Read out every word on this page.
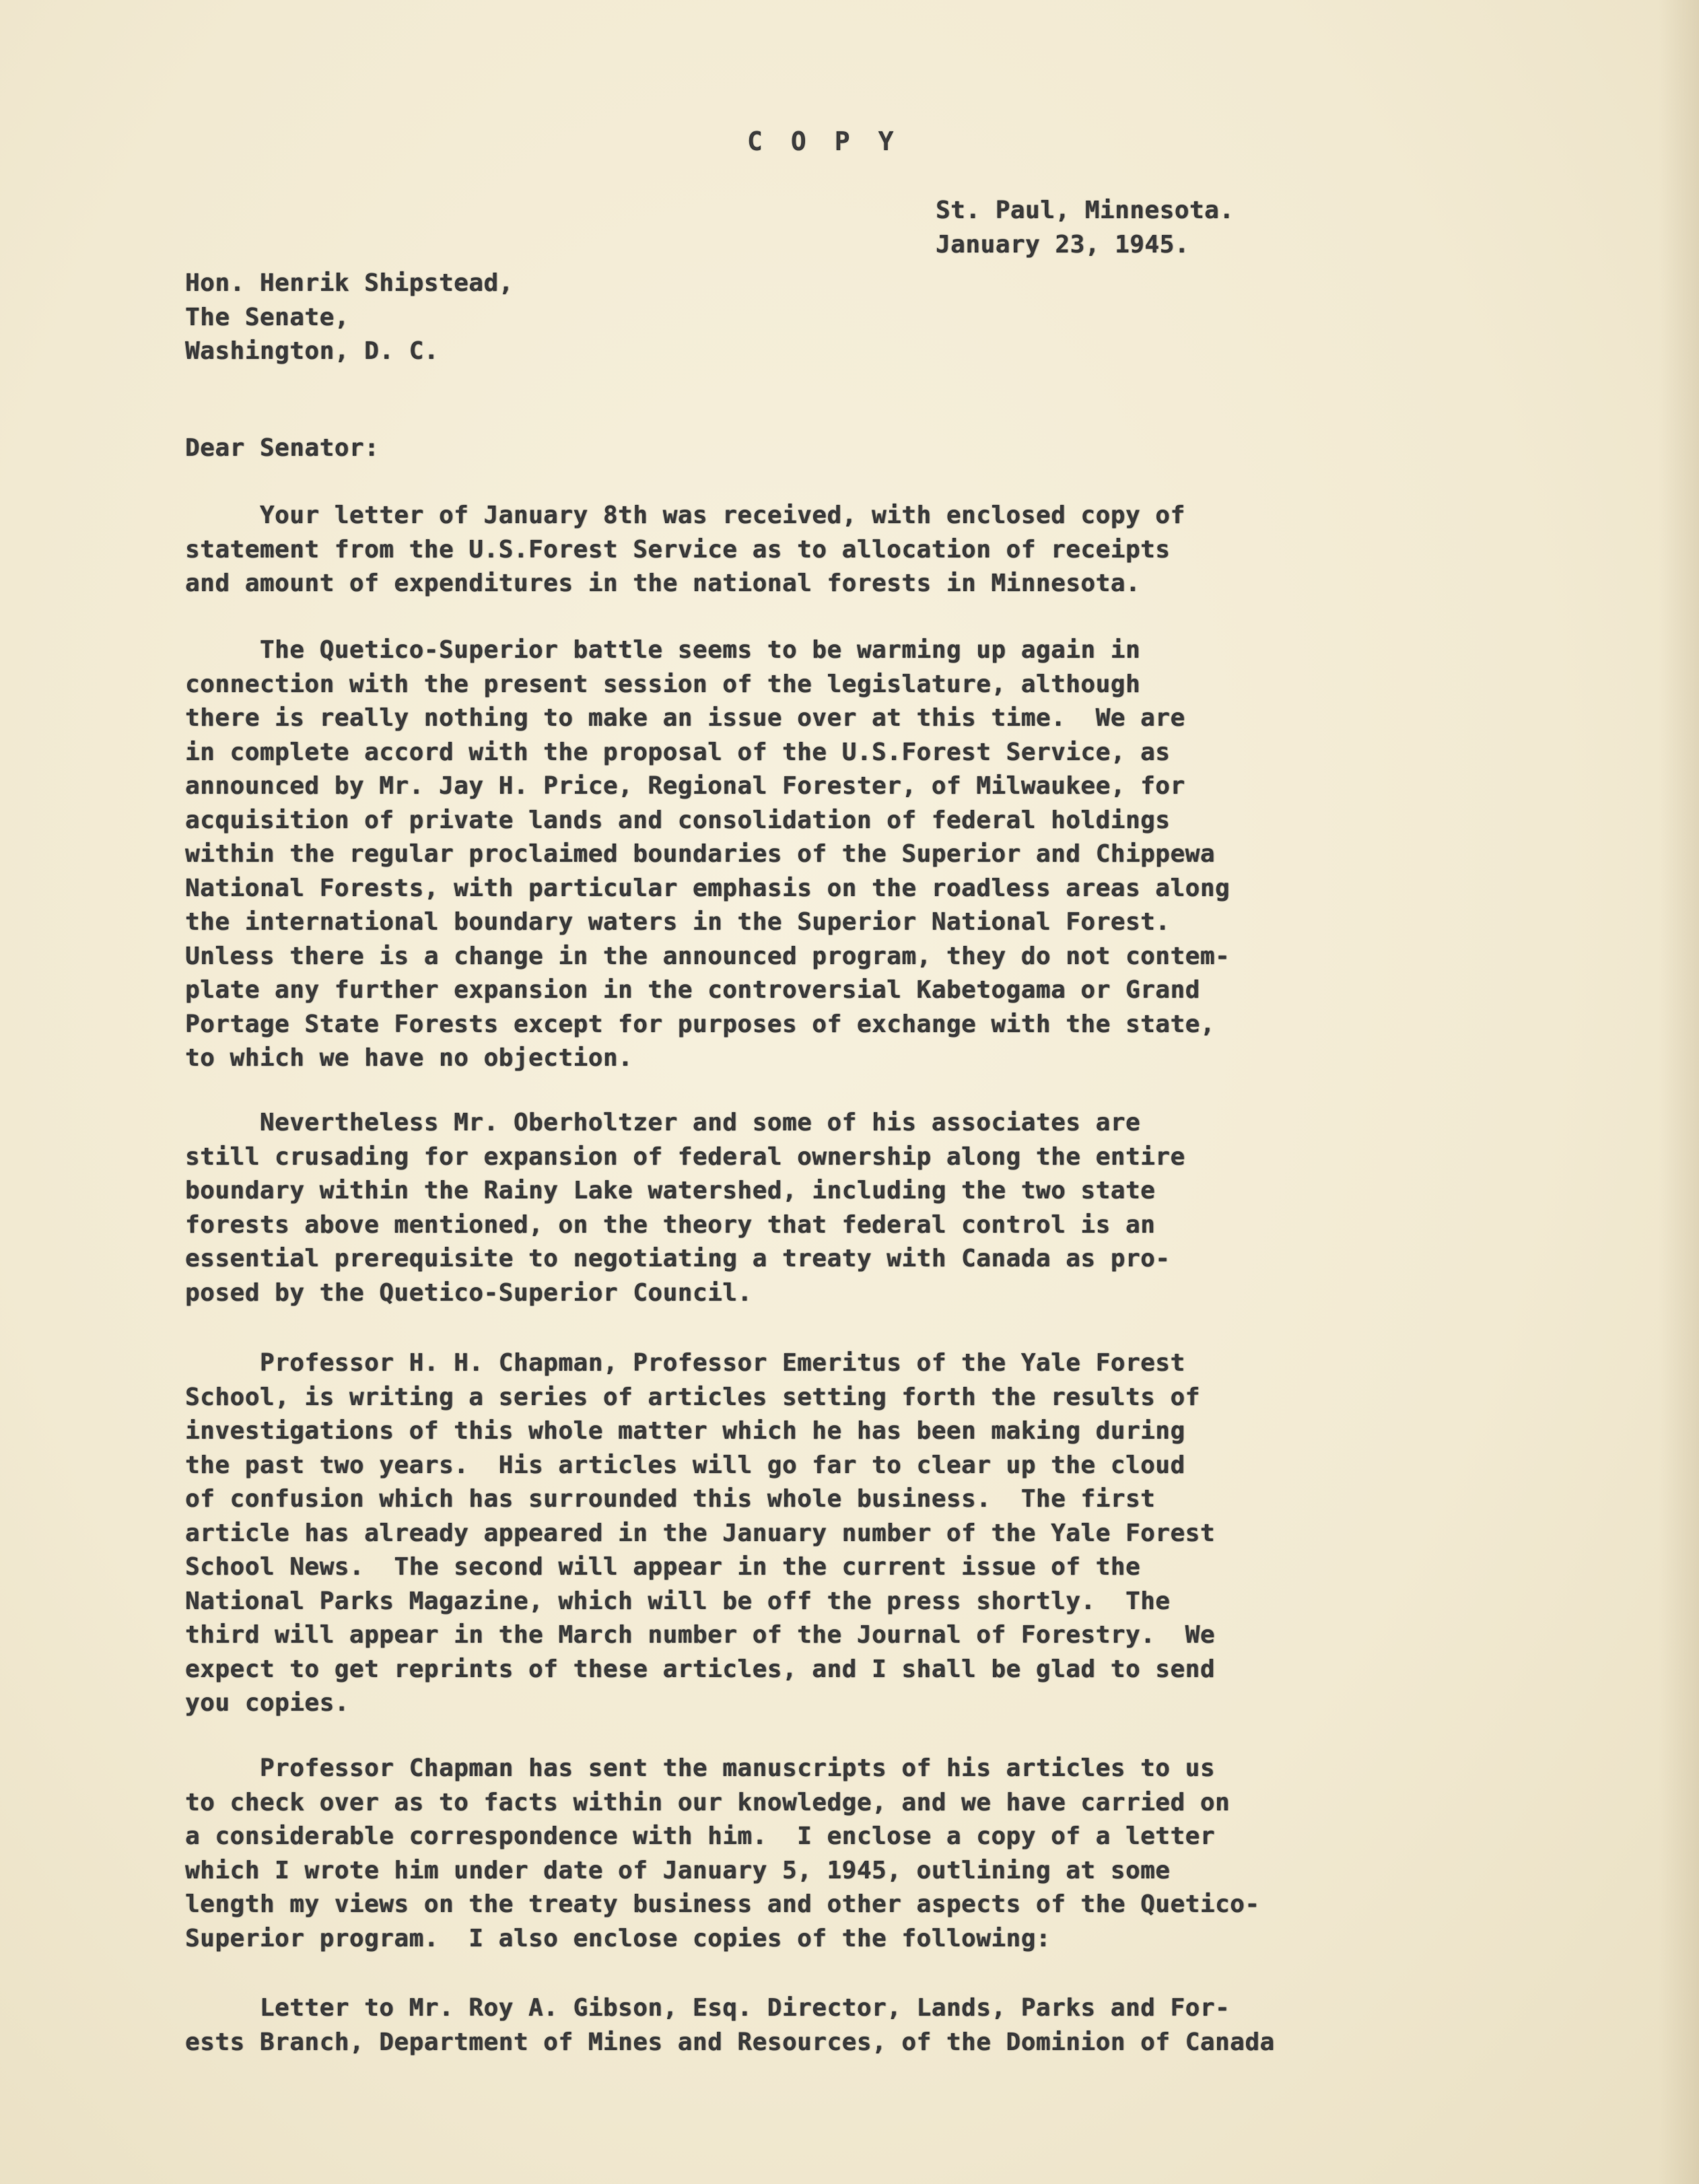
COPY
St. Paul, Minnesota.
January 23, 1945.
Hon. Henrik Shipstead,
The Senate,
Washington, D. C.
Dear Senator:
Your letter of January 8th was received, with enclosed copy of
statement from the U.S.Forest Service as to allocation of receipts
and amount of expenditures in the national forests in Minnesota.
The Quetico-Superior battle seems to be warming up again in
connection with the present session of the legislature, although
there is really nothing to make an issue over at this time.  We are
in complete accord with the proposal of the U.S.Forest Service, as
announced by Mr. Jay H. Price, Regional Forester, of Milwaukee, for
acquisition of private lands and consolidation of federal holdings
within the regular proclaimed boundaries of the Superior and Chippewa
National Forests, with particular emphasis on the roadless areas along
the international boundary waters in the Superior National Forest.
Unless there is a change in the announced program, they do not contem-
plate any further expansion in the controversial Kabetogama or Grand
Portage State Forests except for purposes of exchange with the state,
to which we have no objection.
Nevertheless Mr. Oberholtzer and some of his associates are
still crusading for expansion of federal ownership along the entire
boundary within the Rainy Lake watershed, including the two state
forests above mentioned, on the theory that federal control is an
essential prerequisite to negotiating a treaty with Canada as pro-
posed by the Quetico-Superior Council.
Professor H. H. Chapman, Professor Emeritus of the Yale Forest
School, is writing a series of articles setting forth the results of
investigations of this whole matter which he has been making during
the past two years.  His articles will go far to clear up the cloud
of confusion which has surrounded this whole business.  The first
article has already appeared in the January number of the Yale Forest
School News.  The second will appear in the current issue of the
National Parks Magazine, which will be off the press shortly.  The
third will appear in the March number of the Journal of Forestry.  We
expect to get reprints of these articles, and I shall be glad to send
you copies.
Professor Chapman has sent the manuscripts of his articles to us
to check over as to facts within our knowledge, and we have carried on
a considerable correspondence with him.  I enclose a copy of a letter
which I wrote him under date of January 5, 1945, outlining at some
length my views on the treaty business and other aspects of the Quetico-
Superior program.  I also enclose copies of the following:
Letter to Mr. Roy A. Gibson, Esq. Director, Lands, Parks and For-
ests Branch, Department of Mines and Resources, of the Dominion of Canada
